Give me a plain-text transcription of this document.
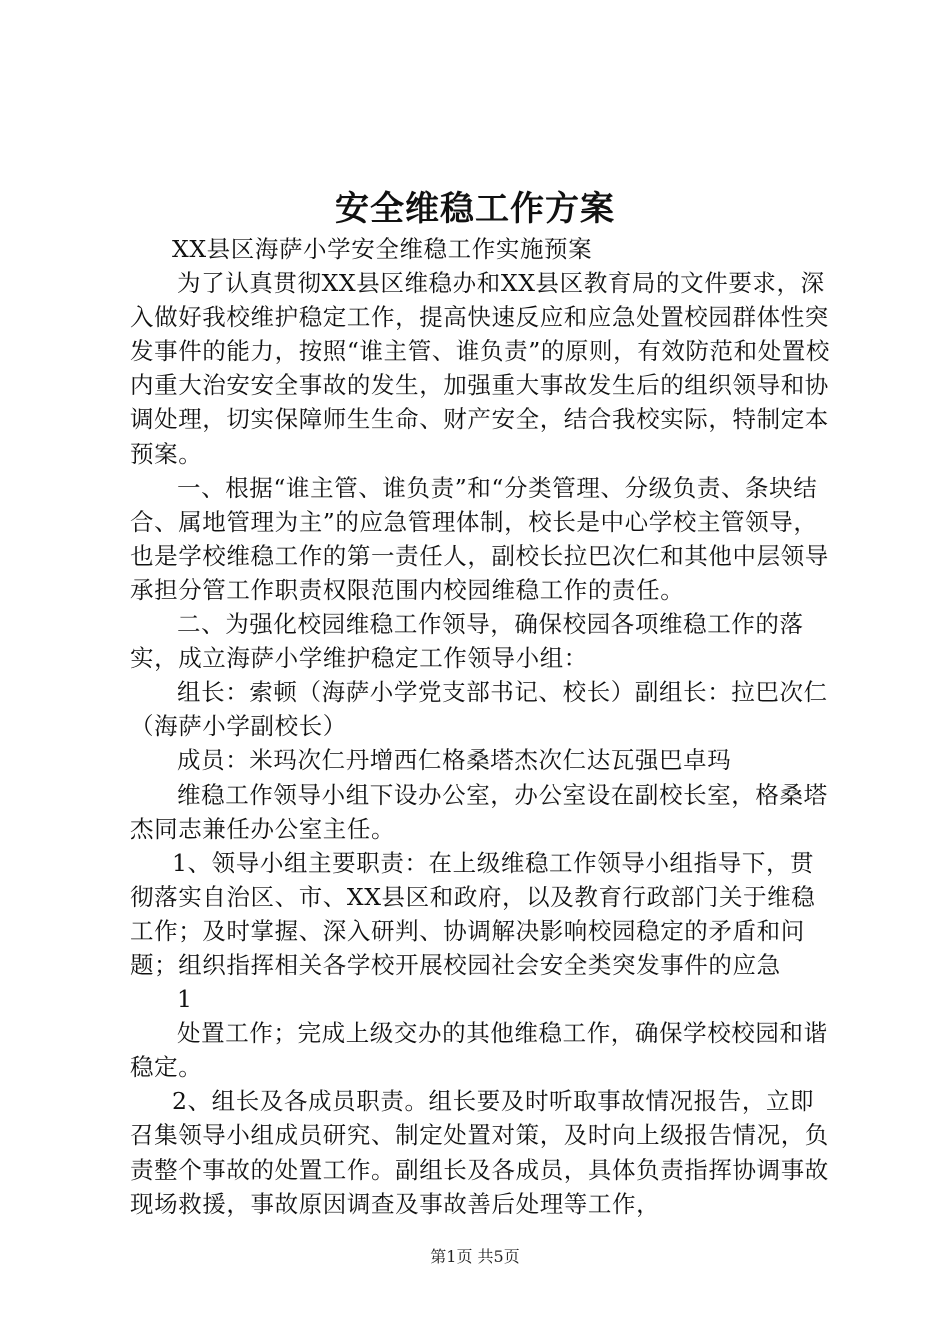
安全维稳工作方案

XX县区海萨小学安全维稳工作实施预案

为了认真贯彻XX县区维稳办和XX县区教育局的文件要求，深入做好我校维护稳定工作，提高快速反应和应急处置校园群体性突发事件的能力，按照“谁主管、谁负责”的原则，有效防范和处置校内重大治安安全事故的发生，加强重大事故发生后的组织领导和协调处理，切实保障师生生命、财产安全，结合我校实际，特制定本预案。

一、根据“谁主管、谁负责”和“分类管理、分级负责、条块结合、属地管理为主”的应急管理体制，校长是中心学校主管领导，也是学校维稳工作的第一责任人，副校长拉巴次仁和其他中层领导承担分管工作职责权限范围内校园维稳工作的责任。

二、为强化校园维稳工作领导，确保校园各项维稳工作的落实，成立海萨小学维护稳定工作领导小组：

组长：索顿（海萨小学党支部书记、校长）副组长：拉巴次仁（海萨小学副校长）

成员：米玛次仁丹增西仁格桑塔杰次仁达瓦强巴卓玛

维稳工作领导小组下设办公室，办公室设在副校长室，格桑塔杰同志兼任办公室主任。

1、领导小组主要职责：在上级维稳工作领导小组指导下，贯彻落实自治区、市、XX县区和政府，以及教育行政部门关于维稳工作；及时掌握、深入研判、协调解决影响校园稳定的矛盾和问题；组织指挥相关各学校开展校园社会安全类突发事件的应急

1

处置工作；完成上级交办的其他维稳工作，确保学校校园和谐稳定。

2、组长及各成员职责。组长要及时听取事故情况报告，立即召集领导小组成员研究、制定处置对策，及时向上级报告情况，负责整个事故的处置工作。副组长及各成员，具体负责指挥协调事故现场救援，事故原因调查及事故善后处理等工作，

第1页 共5页
